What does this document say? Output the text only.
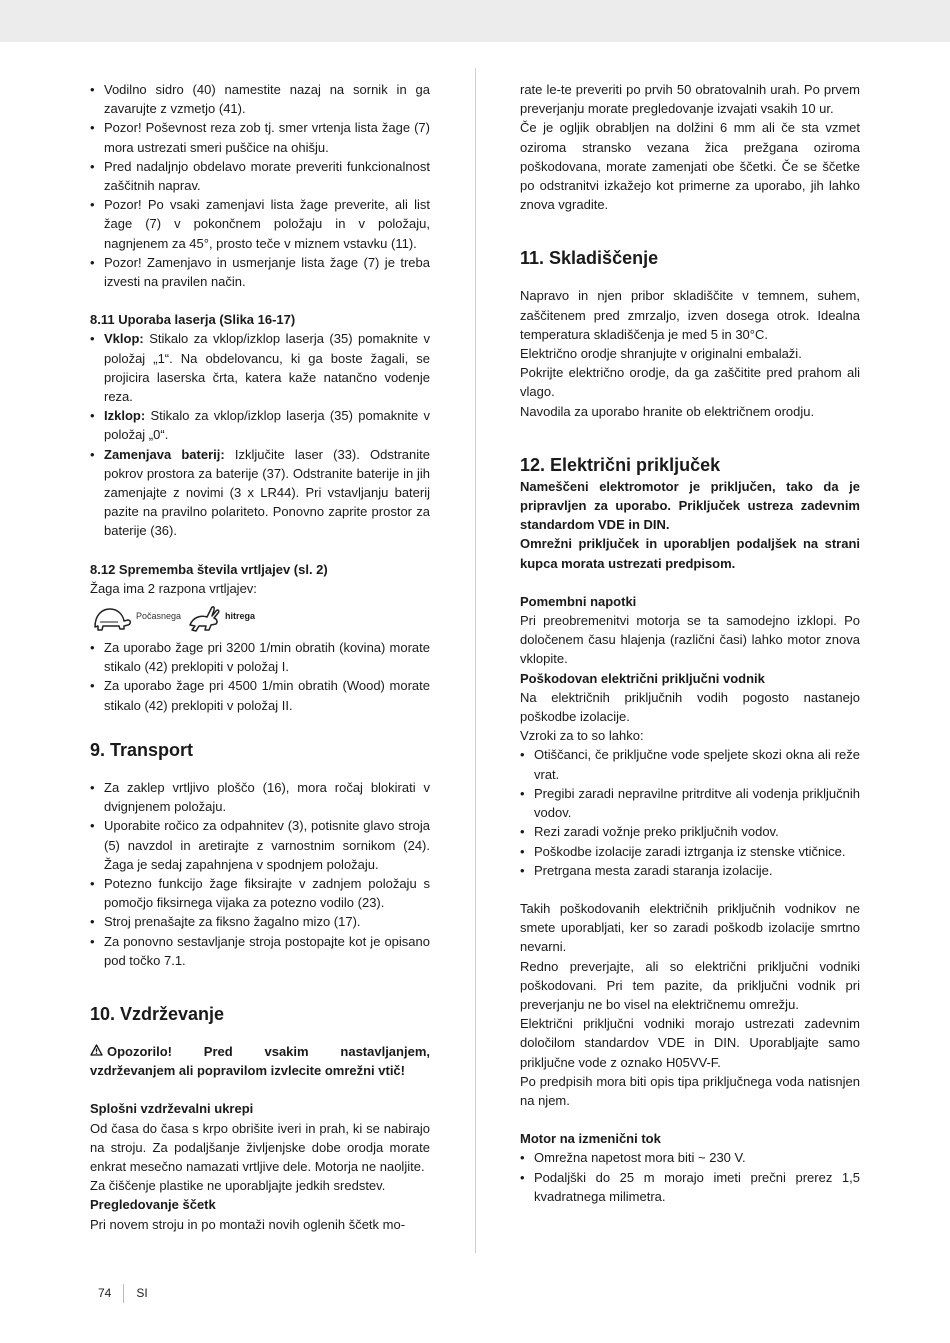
• Vodilno sidro (40) namestite nazaj na sornik in ga zavarujte z vzmetjo (41).
• Pozor! Poševnost reza zob tj. smer vrtenja lista žage (7) mora ustrezati smeri puščice na ohišju.
• Pred nadaljnjo obdelavo morate preveriti funkcionalnost zaščitnih naprav.
• Pozor! Po vsaki zamenjavi lista žage preverite, ali list žage (7) v pokončnem položaju in v položaju, nagnjenem za 45°, prosto teče v miznem vstavku (11).
• Pozor! Zamenjavo in usmerjanje lista žage (7) je treba izvesti na pravilen način.

8.11 Uporaba laserja (Slika 16-17)

• Vklop: Stikalo za vklop/izklop laserja (35) pomaknite v položaj „1“. Na obdelovancu, ki ga boste žagali, se projicira laserska črta, katera kaže natančno vodenje reza.
• Izklop: Stikalo za vklop/izklop laserja (35) pomaknite v položaj „0“.
• Zamenjava baterij: Izključite laser (33). Odstranite pokrov prostora za baterije (37). Odstranite baterije in jih zamenjajte z novimi (3 x LR44). Pri vstavljanju baterij pazite na pravilno polariteto. Ponovno zaprite prostor za baterije (36).

8.12 Sprememba števila vrtljajev (sl. 2)

Žaga ima 2 razpona vrtljajev:

Počasnega	hitrega
• Za uporabo žage pri 3200 1/min obratih (kovina) morate stikalo (42) preklopiti v položaj I.
• Za uporabo žage pri 4500 1/min obratih (Wood) morate stikalo (42) preklopiti v položaj II.

9. Transport

• Za zaklep vrtljivo ploščo (16), mora ročaj blokirati v dvignjenem položaju.
• Uporabite ročico za odpahnitev (3), potisnite glavo stroja (5) navzdol in aretirajte z varnostnim sornikom (24). Žaga je sedaj zapahnjena v spodnjem položaju.
• Potezno funkcijo žage fiksirajte v zadnjem položaju s pomočjo fiksirnega vijaka za potezno vodilo (23).
• Stroj prenašajte za fiksno žagalno mizo (17).
• Za ponovno sestavljanje stroja postopajte kot je opisano pod točko 7.1.

10. Vzdrževanje

Opozorilo! Pred vsakim nastavljanjem, vzdrževanjem ali popravilom izvlecite omrežni vtič!

Splošni vzdrževalni ukrepi

Od časa do časa s krpo obrišite iveri in prah, ki se nabirajo na stroju. Za podaljšanje življenjske dobe orodja morate enkrat mesečno namazati vrtljive dele. Motorja ne naoljite.

Za čiščenje plastike ne uporabljajte jedkih sredstev.

Pregledovanje ščetk

Pri novem stroju in po montaži novih oglenih ščetk mo-

rate le-te preveriti po prvih 50 obratovalnih urah. Po prvem preverjanju morate pregledovanje izvajati vsakih 10 ur.

Če je ogljik obrabljen na dolžini 6 mm ali če sta vzmet oziroma stransko vezana žica prežgana oziroma poškodovana, morate zamenjati obe ščetki. Če se ščetke po odstranitvi izkažejo kot primerne za uporabo, jih lahko znova vgradite.

11. Skladiščenje

Napravo in njen pribor skladiščite v temnem, suhem, zaščitenem pred zmrzaljo, izven dosega otrok. Idealna temperatura skladiščenja je med 5 in 30°C.

Električno orodje shranjujte v originalni embalaži.

Pokrijte električno orodje, da ga zaščitite pred prahom ali vlago.

Navodila za uporabo hranite ob električnem orodju.

12. Električni priključek

Nameščeni elektromotor je priključen, tako da je pripravljen za uporabo. Priključek ustreza zadevnim standardom VDE in DIN.

Omrežni priključek in uporabljen podaljšek na strani kupca morata ustrezati predpisom.

Pomembni napotki

Pri preobremenitvi motorja se ta samodejno izklopi. Po določenem času hlajenja (različni časi) lahko motor znova vklopite.

Poškodovan električni priključni vodnik

Na električnih priključnih vodih pogosto nastanejo poškodbe izolacije.

Vzroki za to so lahko:

• Otiščanci, če priključne vode speljete skozi okna ali reže vrat.
• Pregibi zaradi nepravilne pritrditve ali vodenja priključnih vodov.
• Rezi zaradi vožnje preko priključnih vodov.
• Poškodbe izolacije zaradi iztrganja iz stenske vtičnice.
• Pretrgana mesta zaradi staranja izolacije.

Takih poškodovanih električnih priključnih vodnikov ne smete uporabljati, ker so zaradi poškodb izolacije smrtno nevarni.

Redno preverjajte, ali so električni priključni vodniki poškodovani. Pri tem pazite, da priključni vodnik pri preverjanju ne bo visel na električnemu omrežju.

Električni priključni vodniki morajo ustrezati zadevnim določilom standardov VDE in DIN. Uporabljajte samo priključne vode z oznako H05VV-F.

Po predpisih mora biti opis tipa priključnega voda natisnjen na njem.

Motor na izmenični tok

• Omrežna napetost mora biti ~ 230 V.
• Podaljški do 25 m morajo imeti prečni prerez 1,5 kvadratnega milimetra.
74	SI
